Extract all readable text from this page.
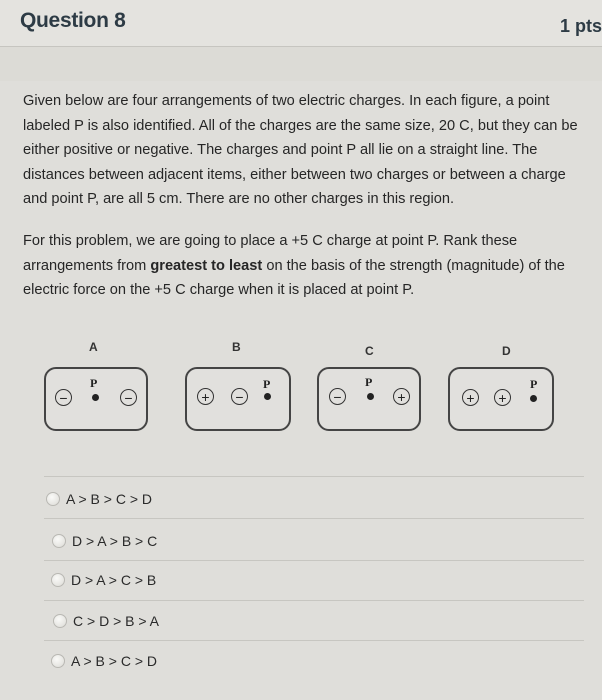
Question 8	1 pts
Given below are four arrangements of two electric charges. In each figure, a point labeled P is also identified. All of the charges are the same size, 20 C, but they can be either positive or negative. The charges and point P all lie on a straight line. The distances between adjacent items, either between two charges or between a charge and point P, are all 5 cm. There are no other charges in this region.
For this problem, we are going to place a +5 C charge at point P. Rank these arrangements from greatest to least on the basis of the strength (magnitude) of the electric force on the +5 C charge when it is placed at point P.
A
−
P
−
B
+	−
P
C
−
P
+
D
+	+
P
A > B > C > D
D > A > B > C
D > A > C > B
C > D > B > A
A > B > C > D
